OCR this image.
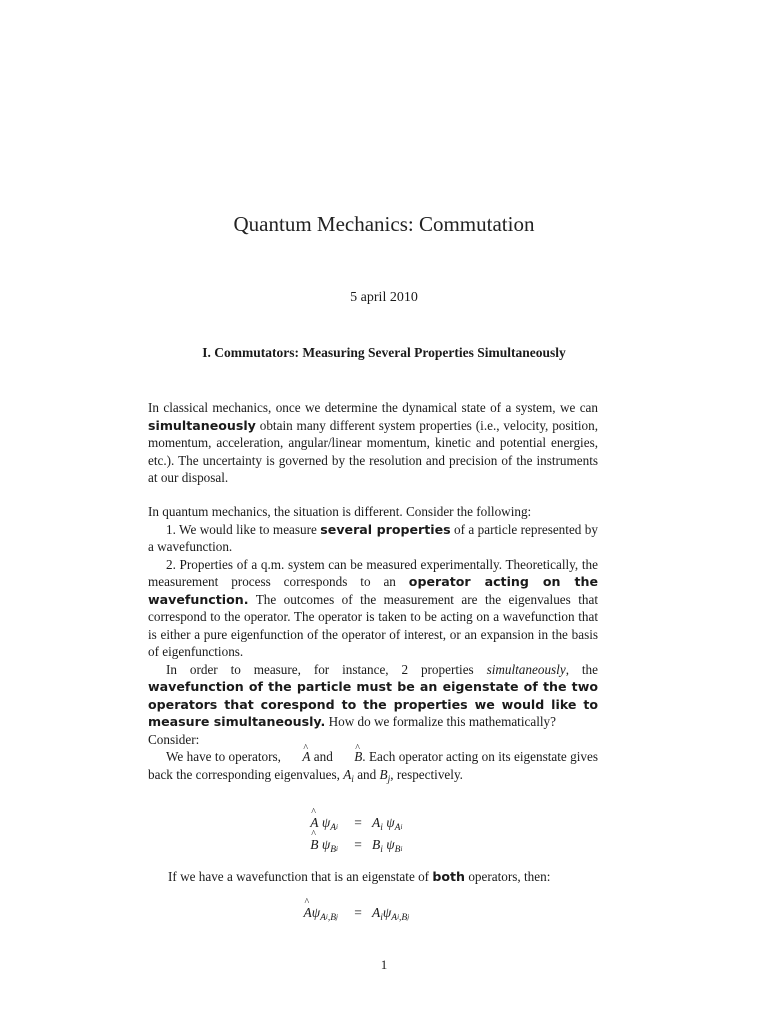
Quantum Mechanics: Commutation
5 april 2010
I. Commutators: Measuring Several Properties Simultaneously

In classical mechanics, once we determine the dynamical state of a system, we can simultaneously obtain many different system properties (i.e., velocity, position, momentum, acceleration, angular/linear momentum, kinetic and potential energies, etc.). The uncertainty is governed by the resolution and precision of the instruments at our disposal.

In quantum mechanics, the situation is different. Consider the following:
1. We would like to measure several properties of a particle represented by a wavefunction.
2. Properties of a q.m. system can be measured experimentally. Theoretically, the measurement process corresponds to an operator acting on the wavefunction. The outcomes of the measurement are the eigenvalues that correspond to the operator. The operator is taken to be acting on a wavefunction that is either a pure eigenfunction of the operator of interest, or an expansion in the basis of eigenfunctions.
In order to measure, for instance, 2 properties simultaneously, the wavefunction of the particle must be an eigenstate of the two operators that corespond to the properties we would like to measure simultaneously. How do we formalize this mathematically?
Consider:
We have to operators, ^ A and ^ B. Each operator acting on its eigenstate gives back the corresponding eigenvalues, $A_i$ and $B_j$, respectively.
^ A $\psi_Ai$	= $A_i$ $\psi_Ai$
^ B $\psi_Bi$	= $B_i$ $\psi_Bi$

If we have a wavefunction that is an eigenstate of both operators, then:

^ $A\psi_Ai_{,B}j$	= $A_i\psi_Ai_{,B}j$
1
